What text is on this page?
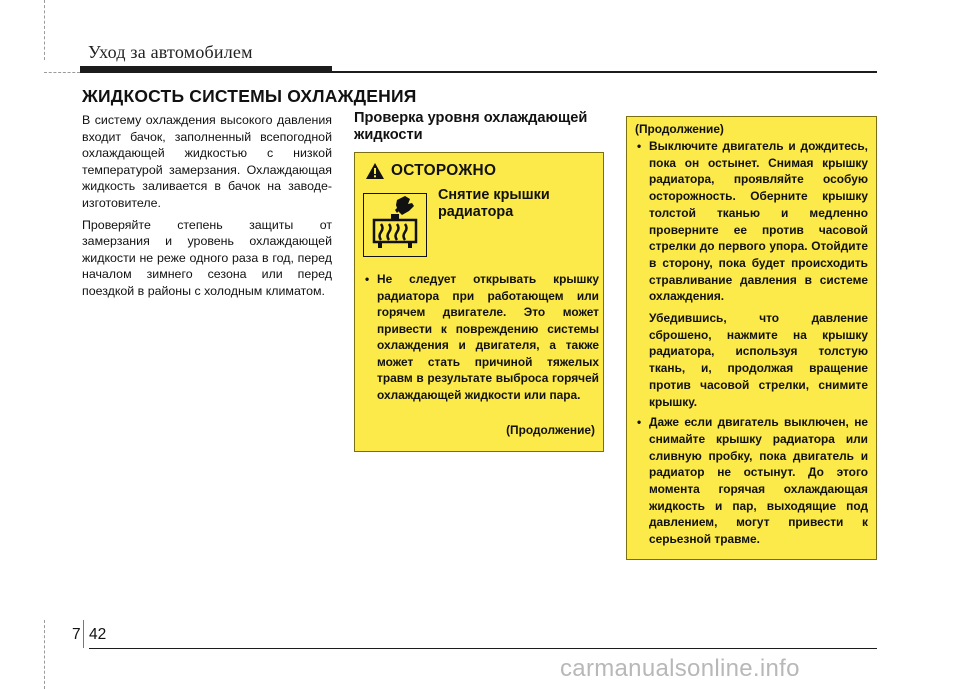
Уход за автомобилем
ЖИДКОСТЬ СИСТЕМЫ ОХЛАЖДЕНИЯ

В систему охлаждения высокого давления входит бачок, заполненный всепогодной охлаждающей жидкостью с низкой температурой замерзания. Охлаждающая жидкость заливается в бачок на заводе-изготовителе.

Проверяйте степень защиты от замерзания и уровень охлаждающей жидкости не реже одного раза в год, перед началом зимнего сезона или перед поездкой в районы с холодным климатом.

Проверка уровня охлаждающей жидкости
ОСТОРОЖНО
Снятие крышки радиатора
• Не следует открывать крышку радиатора при работающем или горячем двигателе. Это может привести к повреждению системы охлаждения и двигателя, а также может стать причиной тяжелых травм в результате выброса горячей охлаждающей жидкости или пара.
(Продолжение)
(Продолжение)

• Выключите двигатель и дождитесь, пока он остынет. Снимая крышку радиатора, проявляйте особую осторожность. Оберните крышку толстой тканью и медленно проверните ее против часовой стрелки до первого упора. Отойдите в сторону, пока будет происходить стравливание давления в системе охлаждения.

Убедившись, что давление сброшено, нажмите на крышку радиатора, используя толстую ткань, и, продолжая вращение против часовой стрелки, снимите крышку.

• Даже если двигатель выключен, не снимайте крышку радиатора или сливную пробку, пока двигатель и радиатор не остынут. До этого момента горячая охлаждающая жидкость и пар, выходящие под давлением, могут привести к серьезной травме.

7 42
carmanualsonline.info
